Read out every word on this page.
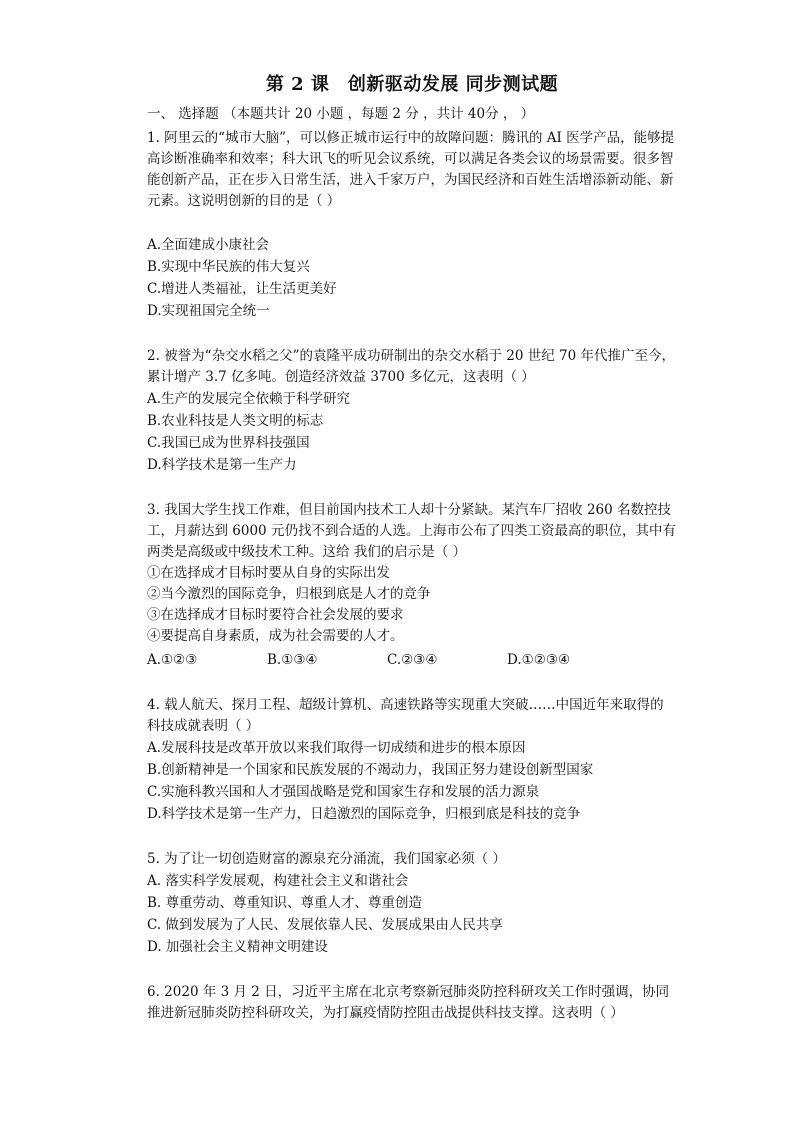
第 2 课　创新驱动发展 同步测试题
一、 选择题 （本题共计 20 小题 ，每题 2 分 ，共计 40分 ， ）

1. 阿里云的“城市大脑”，可以修正城市运行中的故障问题：腾讯的 AI 医学产品，能够提高诊断准确率和效率；科大讯飞的听见会议系统，可以满足各类会议的场景需要。很多智能创新产品，正在步入日常生活，进入千家万户，为国民经济和百姓生活增添新动能、新元素。这说明创新的目的是（ ）

A.全面建成小康社会

B.实现中华民族的伟大复兴

C.增进人类福祉，让生活更美好

D.实现祖国完全统一

2. 被誉为“杂交水稻之父”的袁隆平成功研制出的杂交水稻于 20 世纪 70 年代推广至今，累计增产 3.7 亿多吨。创造经济效益 3700 多亿元，这表明（ ）

A.生产的发展完全依赖于科学研究

B.农业科技是人类文明的标志

C.我国已成为世界科技强国

D.科学技术是第一生产力

3. 我国大学生找工作难，但目前国内技术工人却十分紧缺。某汽车厂招收 260 名数控技工，月薪达到 6000 元仍找不到合适的人选。上海市公布了四类工资最高的职位，其中有两类是高级或中级技术工种。这给 我们的启示是（ ）

①在选择成才目标时要从自身的实际出发

②当今激烈的国际竞争，归根到底是人才的竞争

③在选择成才目标时要符合社会发展的要求

④要提高自身素质，成为社会需要的人才。

A.①②③	B.①③④	C.②③④	D.①②③④

4. 载人航天、探月工程、超级计算机、高速铁路等实现重大突破……中国近年来取得的科技成就表明（ ）

A.发展科技是改革开放以来我们取得一切成绩和进步的根本原因

B.创新精神是一个国家和民族发展的不竭动力，我国正努力建设创新型国家

C.实施科教兴国和人才强国战略是党和国家生存和发展的活力源泉

D.科学技术是第一生产力，日趋激烈的国际竞争，归根到底是科技的竞争

5. 为了让一切创造财富的源泉充分涌流，我们国家必须（ ）

A. 落实科学发展观，构建社会主义和谐社会

B. 尊重劳动、尊重知识、尊重人才、尊重创造

C. 做到发展为了人民、发展依靠人民、发展成果由人民共享

D. 加强社会主义精神文明建设

6. 2020 年 3 月 2 日，习近平主席在北京考察新冠肺炎防控科研攻关工作时强调，协同推进新冠肺炎防控科研攻关，为打赢疫情防控阻击战提供科技支撑。这表明（ ）
